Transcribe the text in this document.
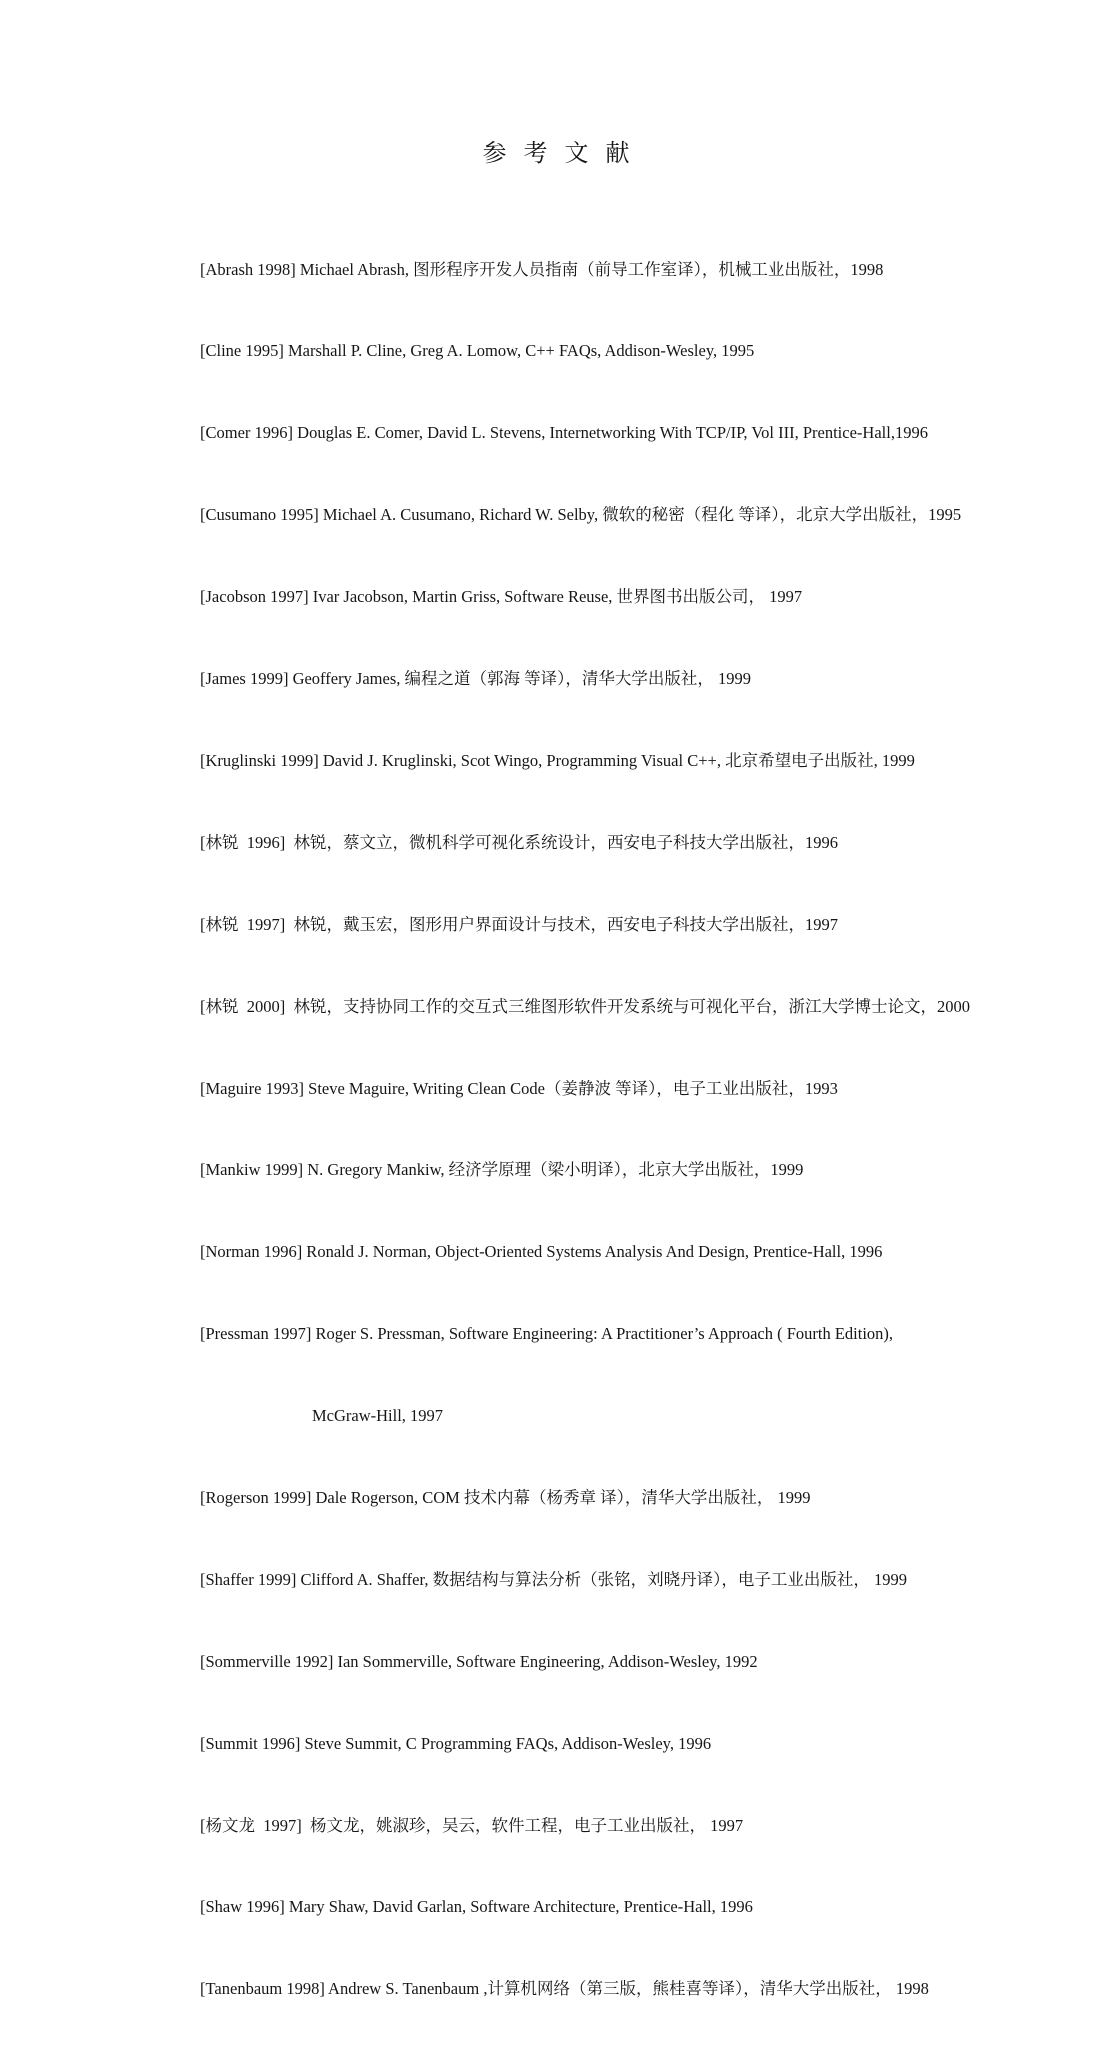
参 考 文 献

[Abrash 1998] Michael Abrash, 图形程序开发人员指南（前导工作室译），机械工业出版社，1998

[Cline 1995] Marshall P. Cline, Greg A. Lomow, C++ FAQs, Addison-Wesley, 1995

[Comer 1996] Douglas E. Comer, David L. Stevens, Internetworking With TCP/IP, Vol III, Prentice-Hall,1996

[Cusumano 1995] Michael A. Cusumano, Richard W. Selby, 微软的秘密（程化 等译），北京大学出版社，1995

[Jacobson 1997] Ivar Jacobson, Martin Griss, Software Reuse, 世界图书出版公司， 1997

[James 1999] Geoffery James, 编程之道（郭海 等译），清华大学出版社， 1999

[Kruglinski 1999] David J. Kruglinski, Scot Wingo, Programming Visual C++, 北京希望电子出版社, 1999

[林锐  1996]  林锐，蔡文立，微机科学可视化系统设计，西安电子科技大学出版社，1996

[林锐  1997]  林锐，戴玉宏，图形用户界面设计与技术，西安电子科技大学出版社，1997

[林锐  2000]  林锐，支持协同工作的交互式三维图形软件开发系统与可视化平台，浙江大学博士论文，2000

[Maguire 1993] Steve Maguire, Writing Clean Code（姜静波 等译），电子工业出版社，1993

[Mankiw 1999] N. Gregory Mankiw, 经济学原理（梁小明译），北京大学出版社，1999

[Norman 1996] Ronald J. Norman, Object-Oriented Systems Analysis And Design, Prentice-Hall, 1996

[Pressman 1997] Roger S. Pressman, Software Engineering: A Practitioner’s Approach ( Fourth Edition),

McGraw-Hill, 1997

[Rogerson 1999] Dale Rogerson, COM 技术内幕（杨秀章 译），清华大学出版社， 1999

[Shaffer 1999] Clifford A. Shaffer, 数据结构与算法分析（张铭，刘晓丹译），电子工业出版社， 1999

[Sommerville 1992] Ian Sommerville, Software Engineering, Addison-Wesley, 1992

[Summit 1996] Steve Summit, C Programming FAQs, Addison-Wesley, 1996

[杨文龙  1997]  杨文龙，姚淑珍，吴云，软件工程，电子工业出版社， 1997

[Shaw 1996] Mary Shaw, David Garlan, Software Architecture, Prentice-Hall, 1996

[Tanenbaum 1998] Andrew S. Tanenbaum ,计算机网络（第三版，熊桂喜等译），清华大学出版社， 1998
